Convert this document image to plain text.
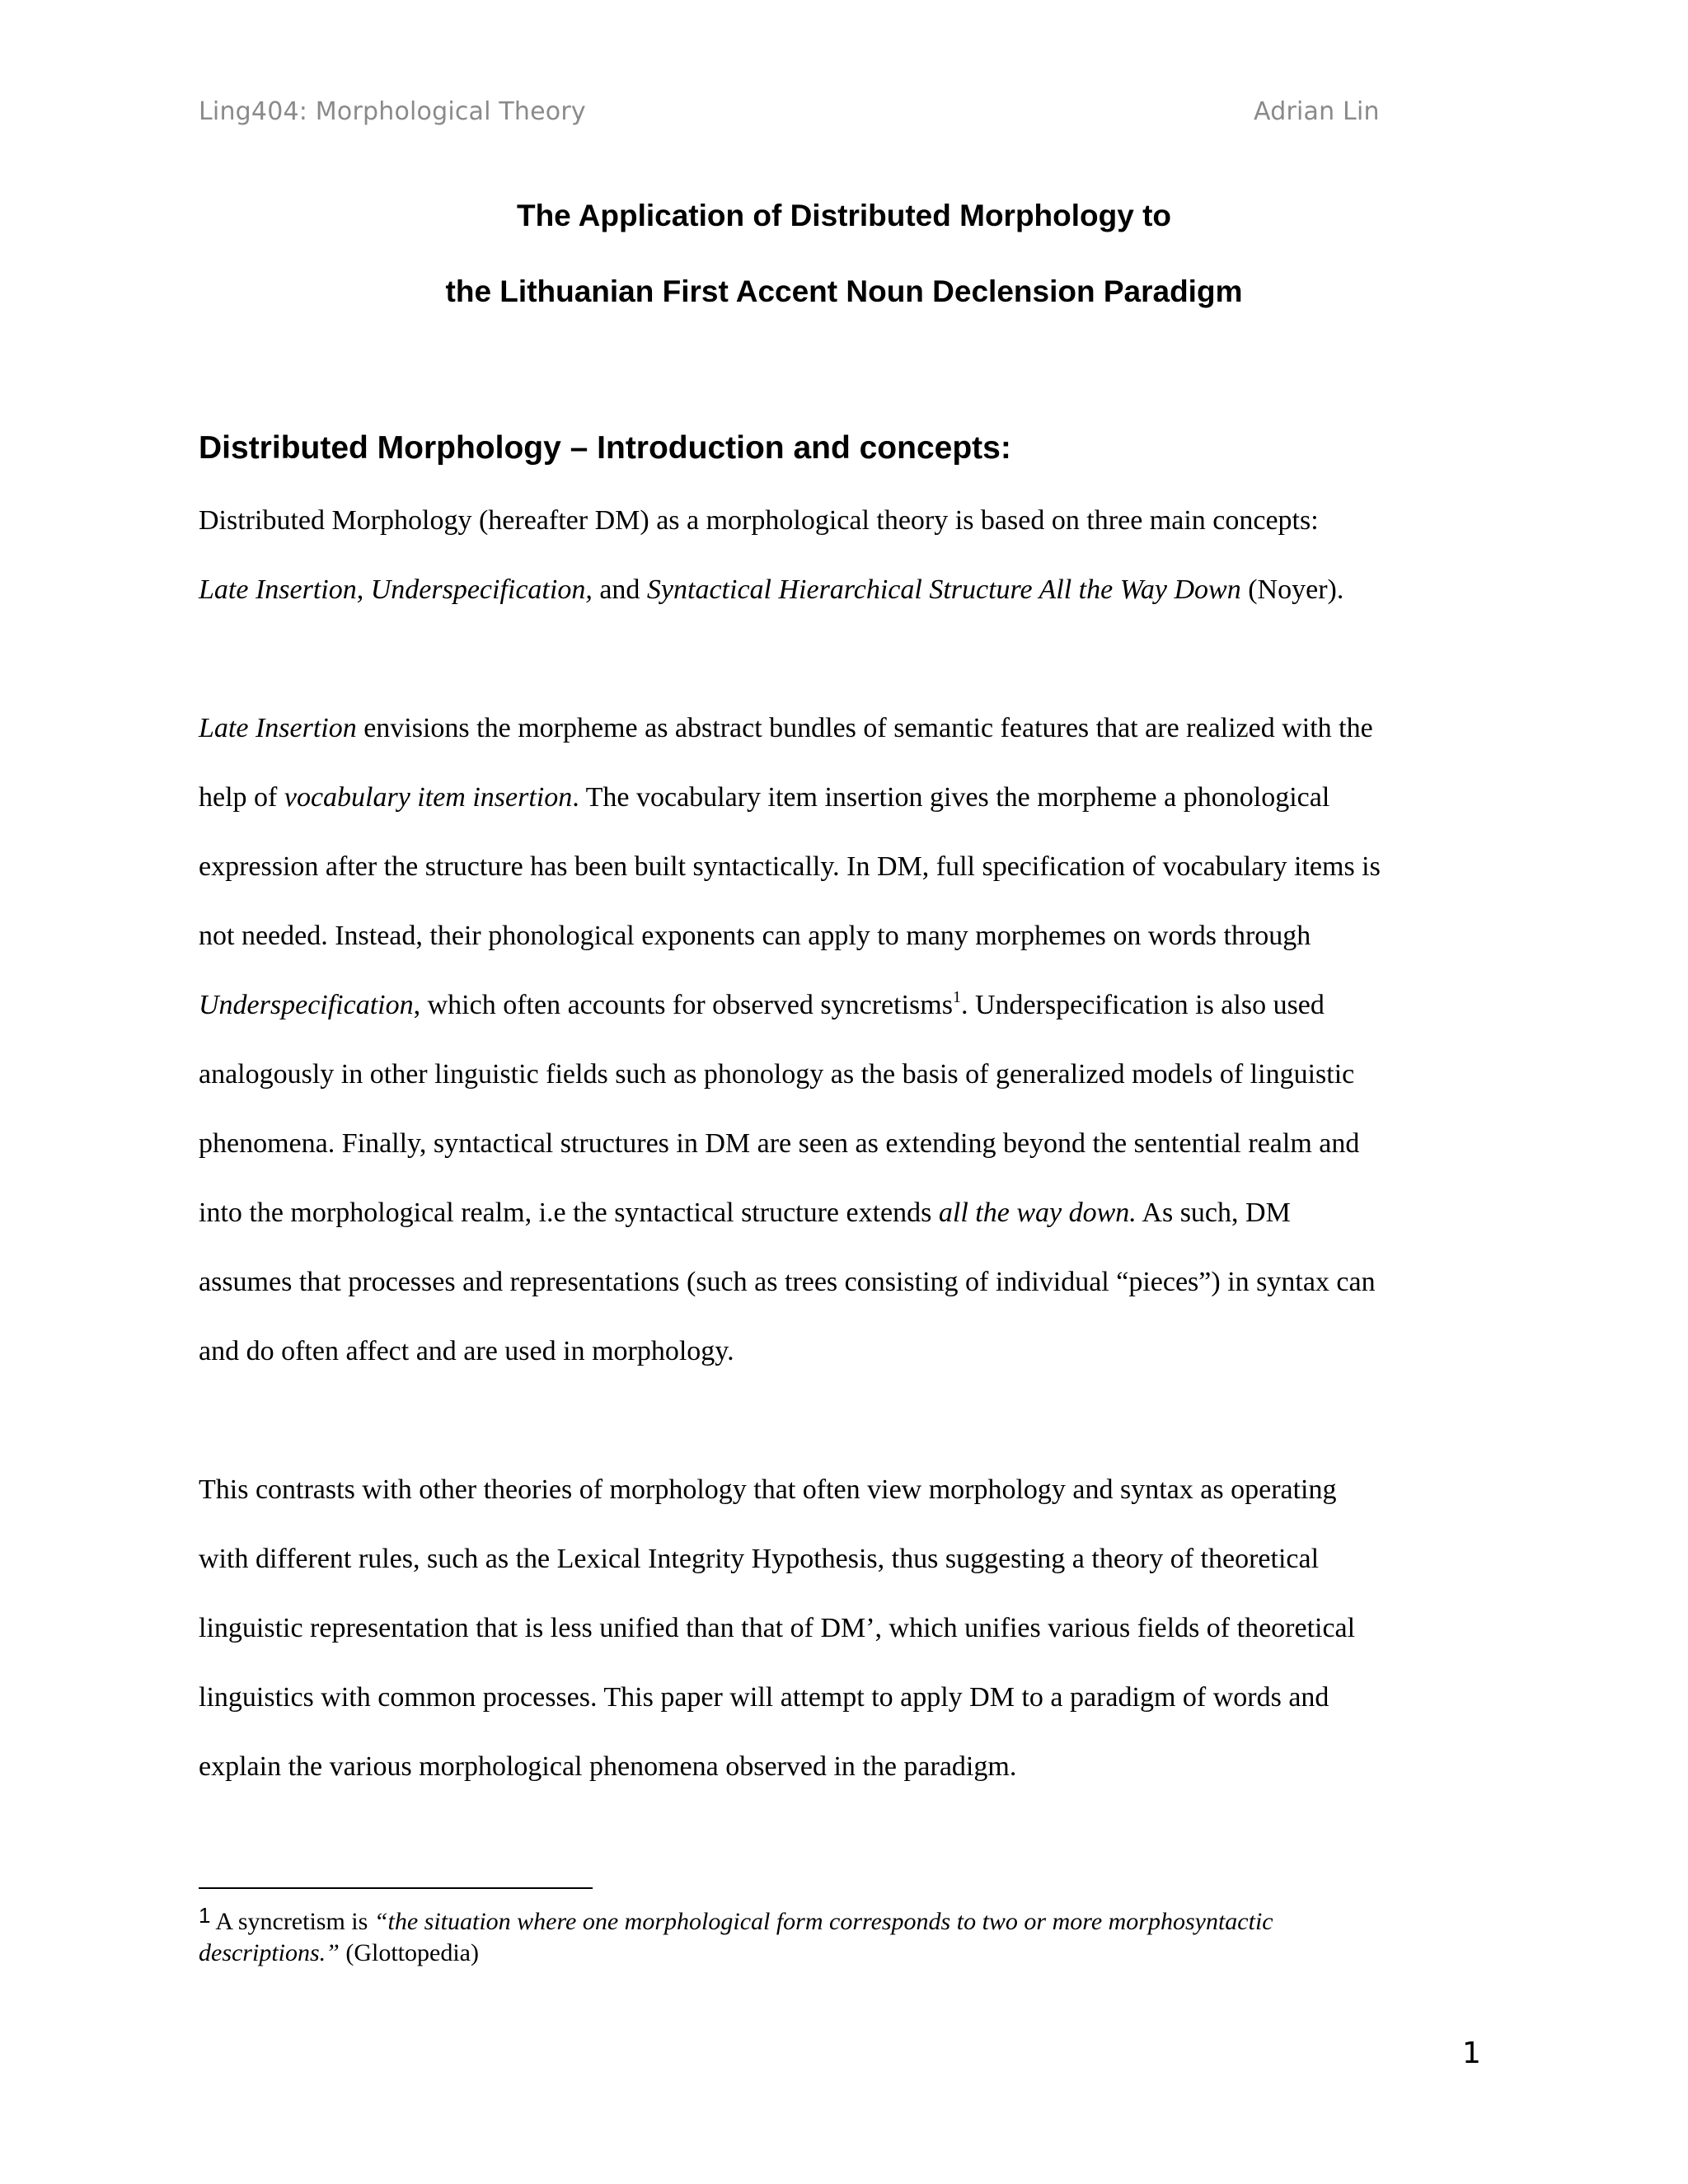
Ling404: Morphological Theory	Adrian Lin
The Application of Distributed Morphology to
the Lithuanian First Accent Noun Declension Paradigm
Distributed Morphology – Introduction and concepts:
Distributed Morphology (hereafter DM) as a morphological theory is based on three main concepts:
Late Insertion, Underspecification, and Syntactical Hierarchical Structure All the Way Down (Noyer).
Late Insertion envisions the morpheme as abstract bundles of semantic features that are realized with the
help of vocabulary item insertion. The vocabulary item insertion gives the morpheme a phonological
expression after the structure has been built syntactically. In DM, full specification of vocabulary items is
not needed. Instead, their phonological exponents can apply to many morphemes on words through
Underspecification, which often accounts for observed syncretisms$^1$. Underspecification is also used
analogously in other linguistic fields such as phonology as the basis of generalized models of linguistic
phenomena. Finally, syntactical structures in DM are seen as extending beyond the sentential realm and
into the morphological realm, i.e the syntactical structure extends all the way down. As such, DM
assumes that processes and representations (such as trees consisting of individual “pieces”) in syntax can
and do often affect and are used in morphology.
This contrasts with other theories of morphology that often view morphology and syntax as operating
with different rules, such as the Lexical Integrity Hypothesis, thus suggesting a theory of theoretical
linguistic representation that is less unified than that of DM’, which unifies various fields of theoretical
linguistics with common processes. This paper will attempt to apply DM to a paradigm of words and
explain the various morphological phenomena observed in the paradigm.
1 A syncretism is “the situation where one morphological form corresponds to two or more morphosyntactic
descriptions.” (Glottopedia)
1
